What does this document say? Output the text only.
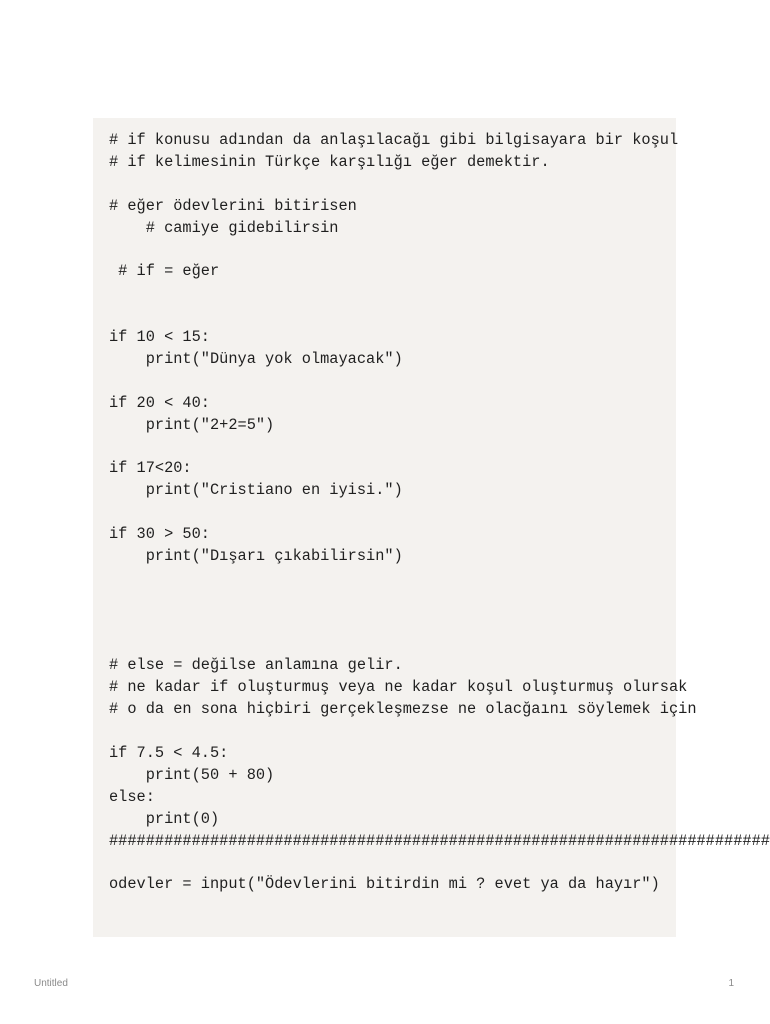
# if konusu adından da anlaşılacağı gibi bilgisayara bir koşul
# if kelimesinin Türkçe karşılığı eğer demektir.
# eğer ödevlerini bitirisen
# camiye gidebilirsin
# if = eğer
if 10 < 15:
print("Dünya yok olmayacak")
if 20 < 40:
print("2+2=5")
if 17<20:
print("Cristiano en iyisi.")
if 30 > 50:
print("Dışarı çıkabilirsin")
# else = değilse anlamına gelir.
# ne kadar if oluşturmuş veya ne kadar koşul oluşturmuş olursak
# o da en sona hiçbiri gerçekleşmezse ne olacğaını söylemek için
if 7.5 < 4.5:
print(50 + 80)
else:
print(0)
########################################################################
odevler = input("Ödevlerini bitirdin mi ? evet ya da hayır")
Untitled	1
